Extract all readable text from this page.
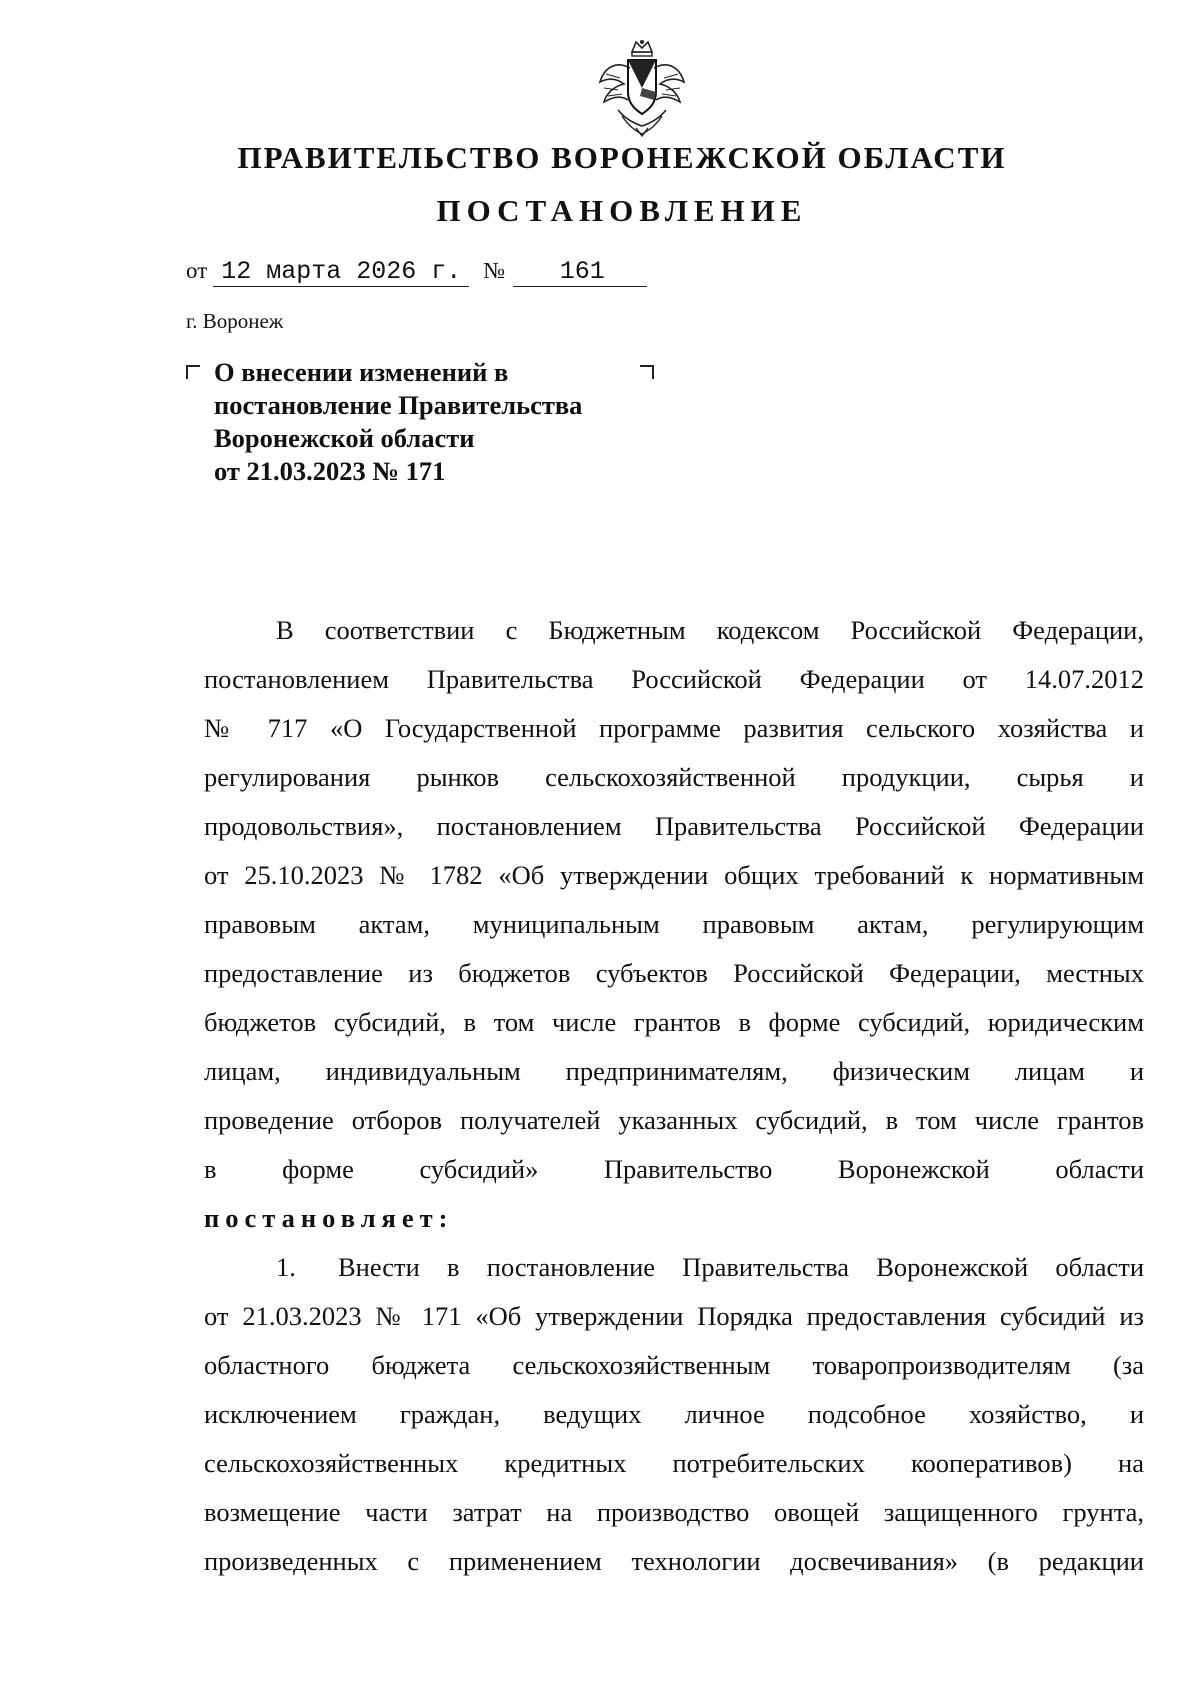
ПРАВИТЕЛЬСТВО ВОРОНЕЖСКОЙ ОБЛАСТИ
ПОСТАНОВЛЕНИЕ
от 12 марта 2026 г. № 161
г. Воронеж
О внесении изменений в
постановление Правительства
Воронежской области
от 21.03.2023 № 171
В соответствии с Бюджетным кодексом Российской Федерации,
постановлением Правительства Российской Федерации от 14.07.2012
№ 717 «О Государственной программе развития сельского хозяйства и
регулирования рынков сельскохозяйственной продукции, сырья и
продовольствия», постановлением Правительства Российской Федерации
от 25.10.2023 № 1782 «Об утверждении общих требований к нормативным
правовым актам, муниципальным правовым актам, регулирующим
предоставление из бюджетов субъектов Российской Федерации, местных
бюджетов субсидий, в том числе грантов в форме субсидий, юридическим
лицам, индивидуальным предпринимателям, физическим лицам и
проведение отборов получателей указанных субсидий, в том числе грантов
в форме субсидий» Правительство Воронежской области
постановляет:
1. Внести в постановление Правительства Воронежской области
от 21.03.2023 № 171 «Об утверждении Порядка предоставления субсидий из
областного бюджета сельскохозяйственным товаропроизводителям (за
исключением граждан, ведущих личное подсобное хозяйство, и
сельскохозяйственных кредитных потребительских кооперативов) на
возмещение части затрат на производство овощей защищенного грунта,
произведенных с применением технологии досвечивания» (в редакции
